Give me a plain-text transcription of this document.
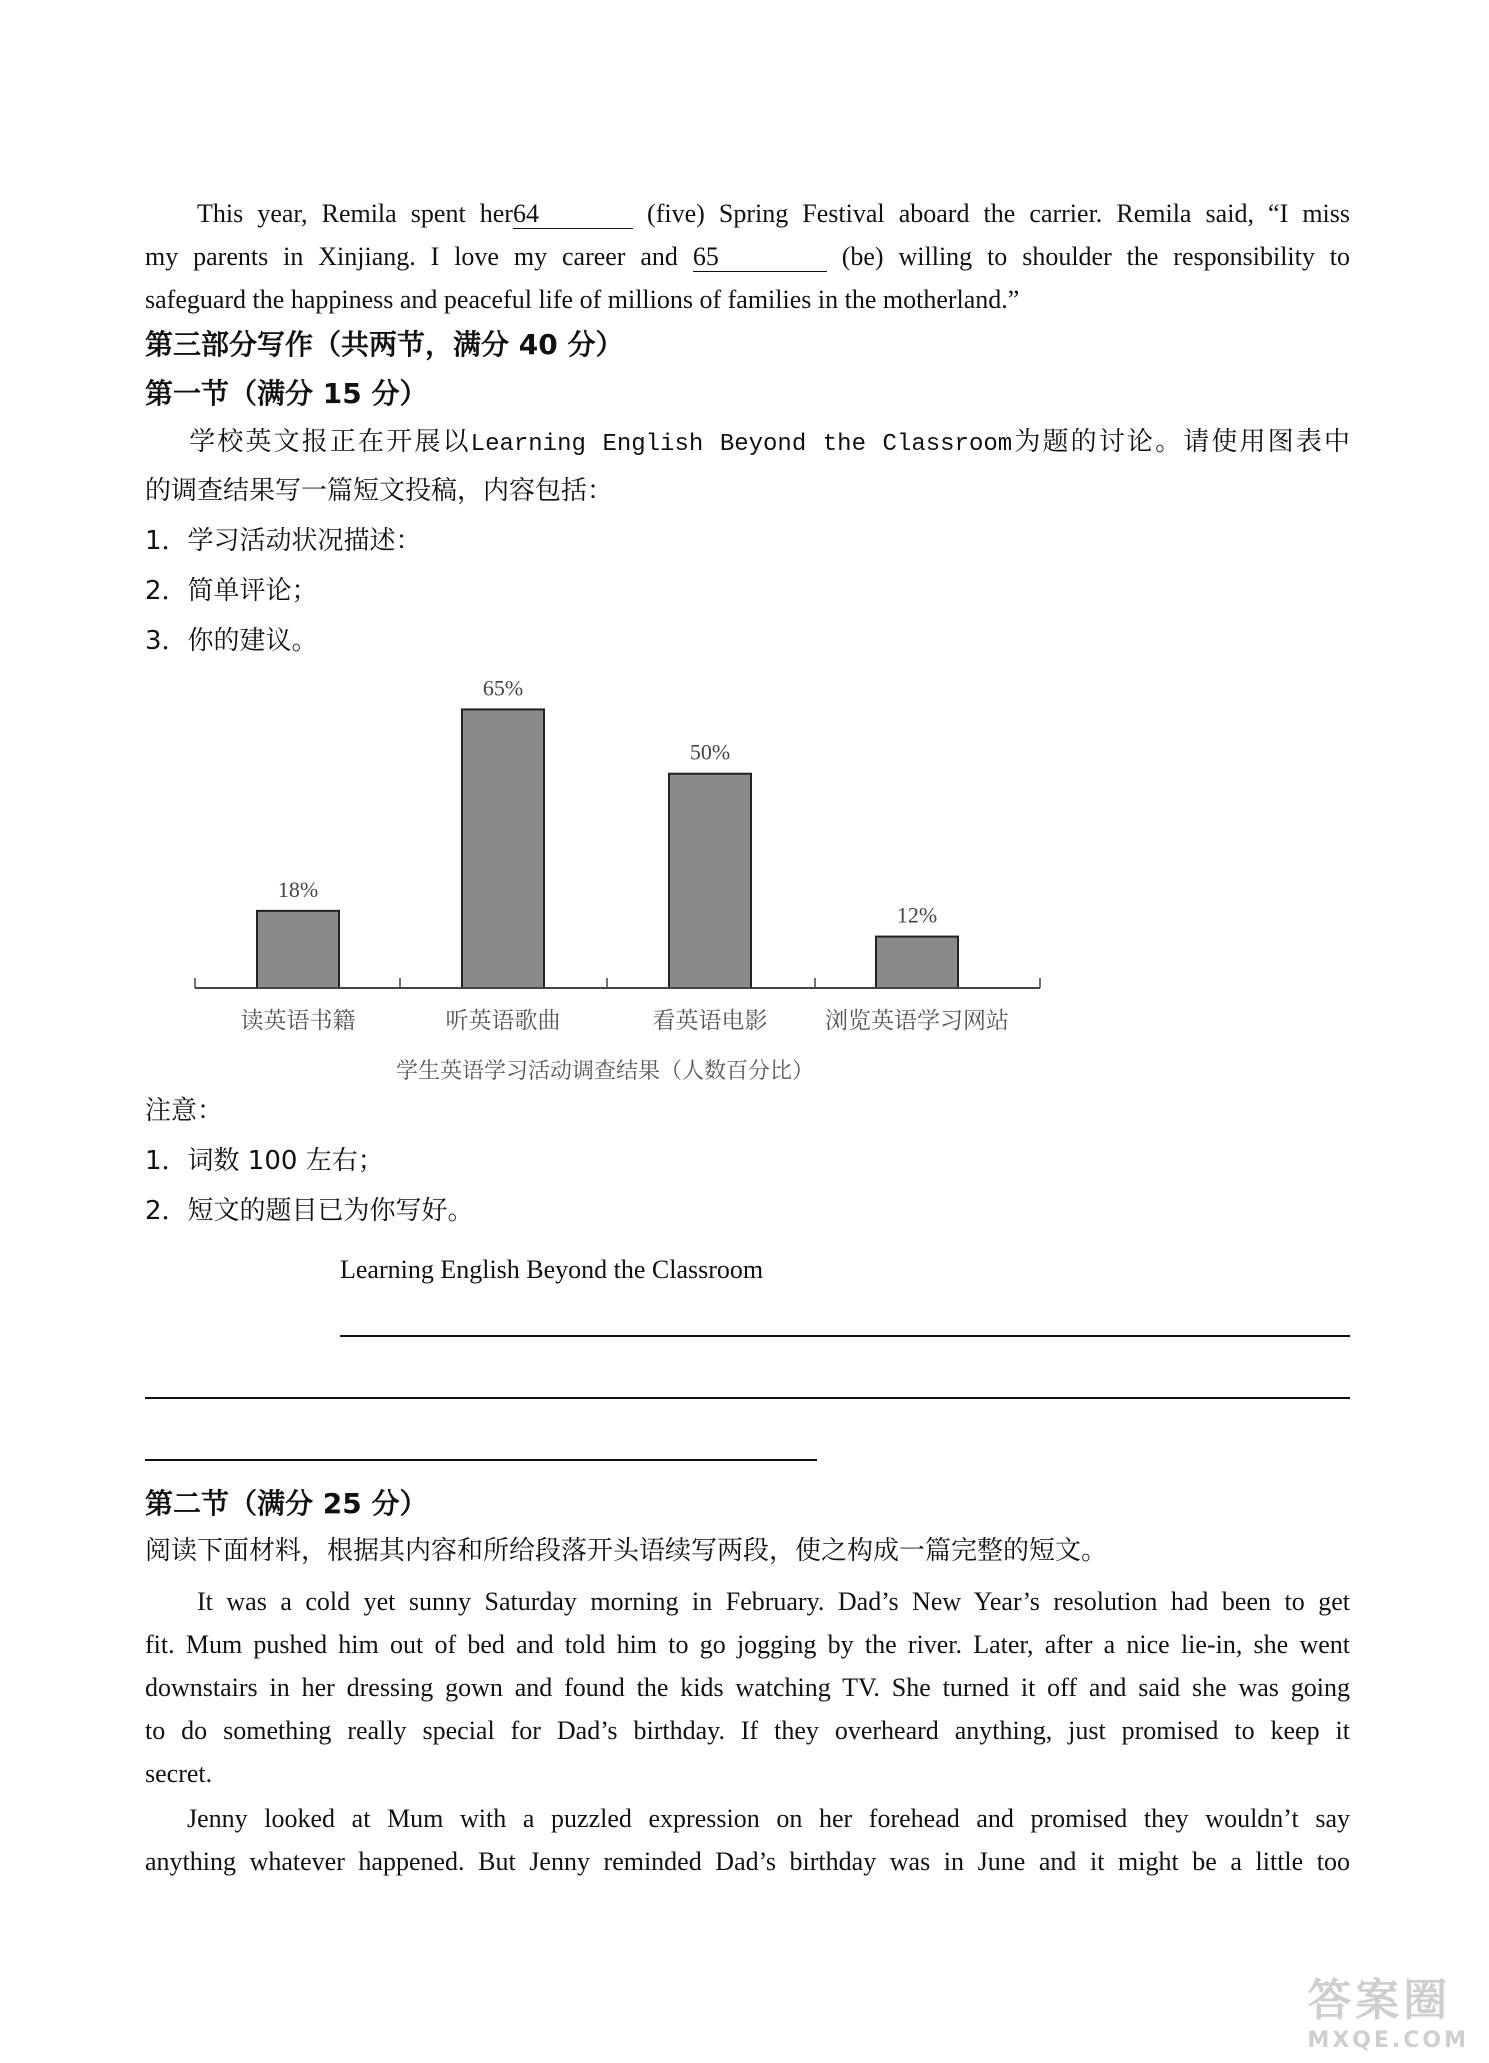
This year, Remila spent her64	(five) Spring Festival aboard the carrier. Remila said, “I miss
my parents in Xinjiang. I love my career and 65	(be) willing to shoulder the responsibility to
safeguard the happiness and peaceful life of millions of families in the motherland.”
第三部分写作（共两节，满分 40 分）
第一节（满分 15 分）
学校英文报正在开展以Learning English Beyond the Classroom为题的讨论。请使用图表中
的调查结果写一篇短文投稿，内容包括：
1．学习活动状况描述：
2．简单评论；
3．你的建议。
18%
65%
50%
12%
读英语书籍	听英语歌曲	看英语电影	浏览英语学习网站
学生英语学习活动调查结果（人数百分比）
注意：
1．词数 100 左右；
2．短文的题目已为你写好。
Learning English Beyond the Classroom
第二节（满分 25 分）
阅读下面材料，根据其内容和所给段落开头语续写两段，使之构成一篇完整的短文。
It was a cold yet sunny Saturday morning in February. Dad’s New Year’s resolution had been to get
fit. Mum pushed him out of bed and told him to go jogging by the river. Later, after a nice lie-in, she went
downstairs in her dressing gown and found the kids watching TV. She turned it off and said she was going
to do something really special for Dad’s birthday. If they overheard anything, just promised to keep it
secret.
Jenny looked at Mum with a puzzled expression on her forehead and promised they wouldn’t say
anything whatever happened. But Jenny reminded Dad’s birthday was in June and it might be a little too
答案圈
MXQE.COM
